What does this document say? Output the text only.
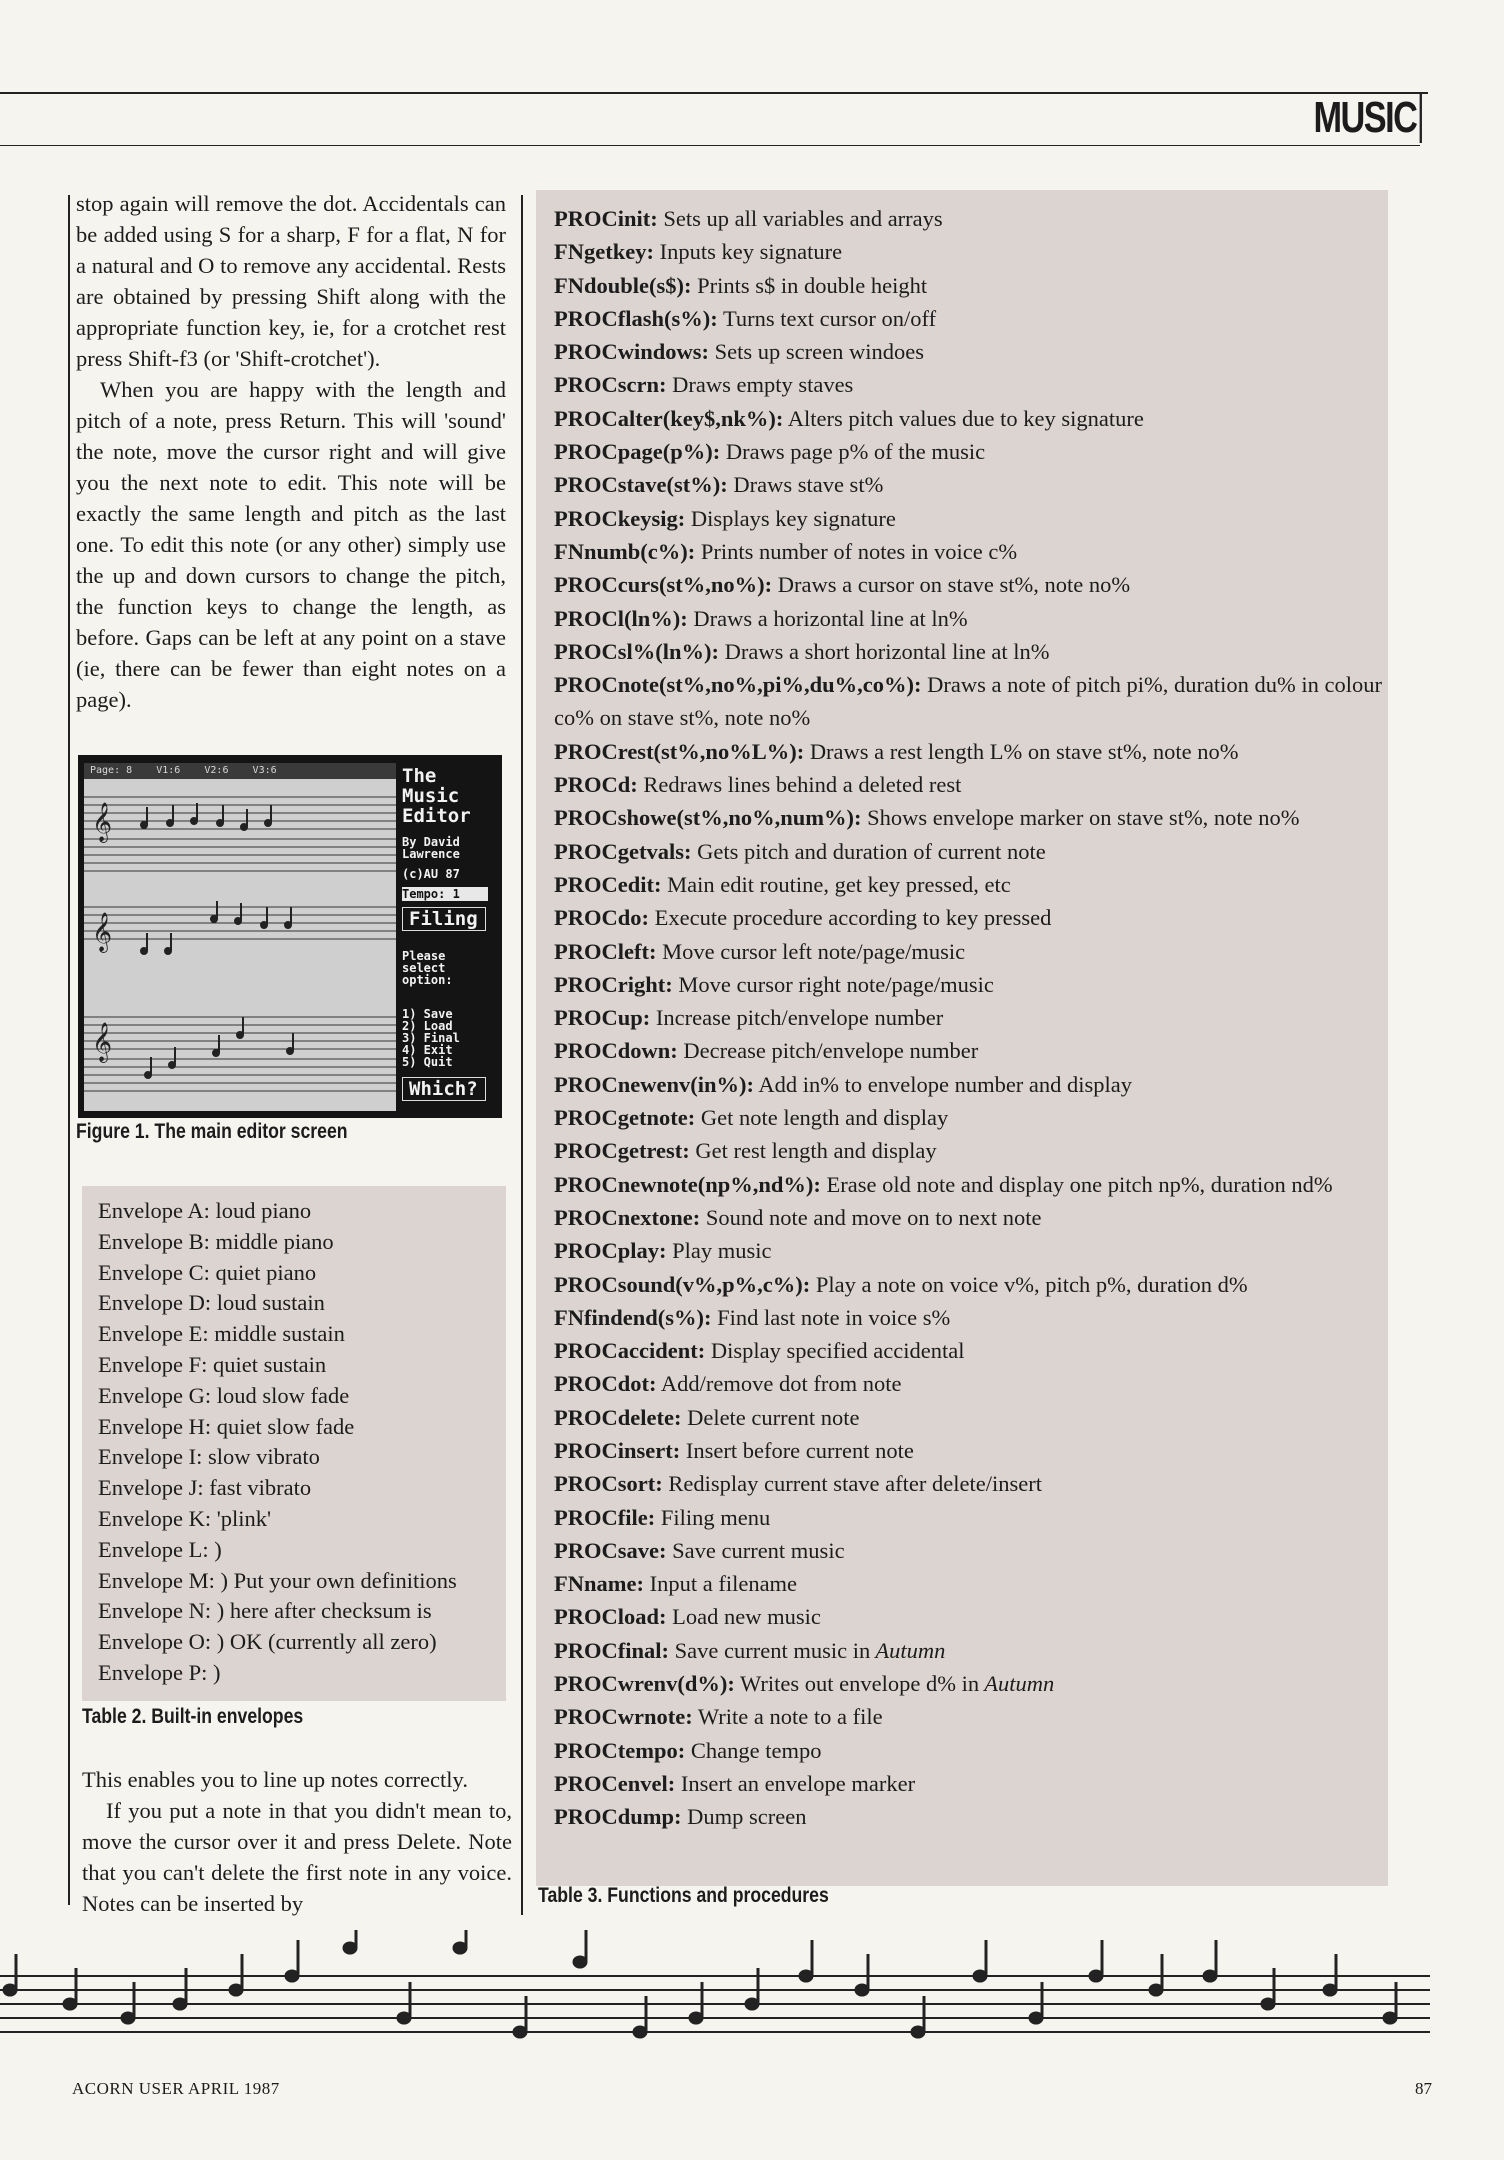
MUSIC

stop again will remove the dot. Accidentals can be added using S for a sharp, F for a flat, N for a natural and O to remove any accidental. Rests are obtained by pressing Shift along with the appropriate function key, ie, for a crotchet rest press Shift-f3 (or 'Shift-crotchet').

When you are happy with the length and pitch of a note, press Return. This will 'sound' the note, move the cursor right and will give you the next note to edit. This note will be exactly the same length and pitch as the last one. To edit this note (or any other) simply use the up and down cursors to change the pitch, the function keys to change the length, as before. Gaps can be left at any point on a stave (ie, there can be fewer than eight notes on a page).

Page: 8    V1:6    V2:6    V3:6
𝄞
𝄞
𝄞
The
Music
Editor
By David
Lawrence
(c)AU 87
Tempo: 1
Filing
Please
select
option:
1) Save
2) Load
3) Final
4) Exit
5) Quit
Which?
Figure 1. The main editor screen
Envelope A: loud piano
Envelope B: middle piano
Envelope C: quiet piano
Envelope D: loud sustain
Envelope E: middle sustain
Envelope F: quiet sustain
Envelope G: loud slow fade
Envelope H: quiet slow fade
Envelope I: slow vibrato
Envelope J: fast vibrato
Envelope K: 'plink'
Envelope L: )
Envelope M: ) Put your own definitions
Envelope N: ) here after checksum is
Envelope O: ) OK (currently all zero)
Envelope P: )
Table 2. Built-in envelopes

This enables you to line up notes correctly.

If you put a note in that you didn't mean to, move the cursor over it and press Delete. Note that you can't delete the first note in any voice. Notes can be inserted by

PROCinit: Sets up all variables and arrays
FNgetkey: Inputs key signature
FNdouble(s$): Prints s$ in double height
PROCflash(s%): Turns text cursor on/off
PROCwindows: Sets up screen windoes
PROCscrn: Draws empty staves
PROCalter(key$,nk%): Alters pitch values due to key signature
PROCpage(p%): Draws page p% of the music
PROCstave(st%): Draws stave st%
PROCkeysig: Displays key signature
FNnumb(c%): Prints number of notes in voice c%
PROCcurs(st%,no%): Draws a cursor on stave st%, note no%
PROCl(ln%): Draws a horizontal line at ln%
PROCsl%(ln%): Draws a short horizontal line at ln%
PROCnote(st%,no%,pi%,du%,co%): Draws a note of pitch pi%, duration du% in colour co% on stave st%, note no%
PROCrest(st%,no%L%): Draws a rest length L% on stave st%, note no%
PROCd: Redraws lines behind a deleted rest
PROCshowe(st%,no%,num%): Shows envelope marker on stave st%, note no%
PROCgetvals: Gets pitch and duration of current note
PROCedit: Main edit routine, get key pressed, etc
PROCdo: Execute procedure according to key pressed
PROCleft: Move cursor left note/page/music
PROCright: Move cursor right note/page/music
PROCup: Increase pitch/envelope number
PROCdown: Decrease pitch/envelope number
PROCnewenv(in%): Add in% to envelope number and display
PROCgetnote: Get note length and display
PROCgetrest: Get rest length and display
PROCnewnote(np%,nd%): Erase old note and display one pitch np%, duration nd%
PROCnextone: Sound note and move on to next note
PROCplay: Play music
PROCsound(v%,p%,c%): Play a note on voice v%, pitch p%, duration d%
FNfindend(s%): Find last note in voice s%
PROCaccident: Display specified accidental
PROCdot: Add/remove dot from note
PROCdelete: Delete current note
PROCinsert: Insert before current note
PROCsort: Redisplay current stave after delete/insert
PROCfile: Filing menu
PROCsave: Save current music
FNname: Input a filename
PROCload: Load new music
PROCfinal: Save current music in Autumn
PROCwrenv(d%): Writes out envelope d% in Autumn
PROCwrnote: Write a note to a file
PROCtempo: Change tempo
PROCenvel: Insert an envelope marker
PROCdump: Dump screen
Table 3. Functions and procedures
ACORN USER APRIL 1987	87
